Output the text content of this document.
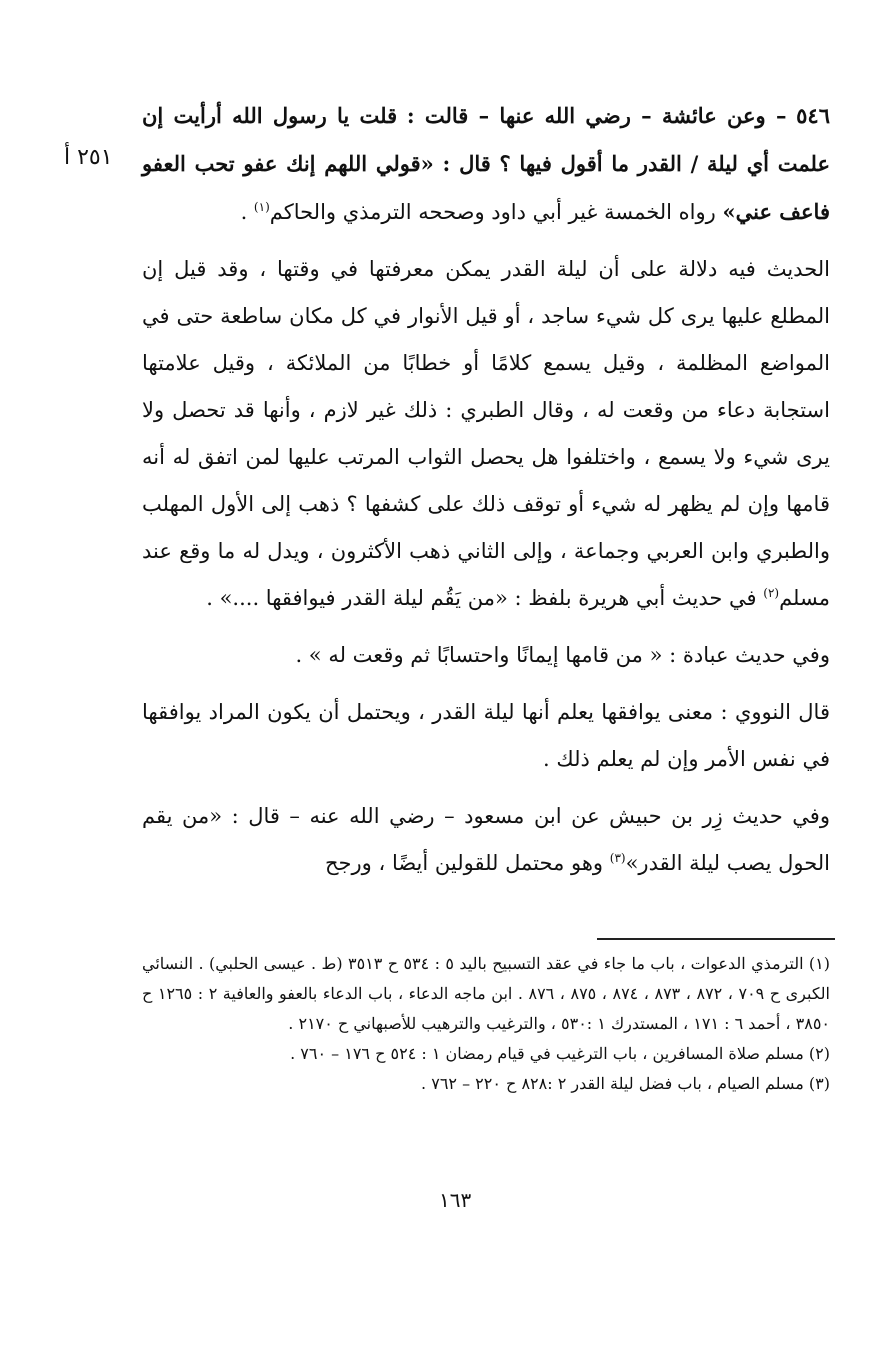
٢٥١ أ

٥٤٦ – وعن عائشة – رضي الله عنها – قالت : قلت يا رسول الله أرأيت إن علمت أي ليلة / القدر ما أقول فيها ؟ قال : «قولي اللهم إنك عفو تحب العفو فاعف عني» رواه الخمسة غير أبي داود وصححه الترمذي والحاكم$^{(١)}$ .

الحديث فيه دلالة على أن ليلة القدر يمكن معرفتها في وقتها ، وقد قيل إن المطلع عليها يرى كل شيء ساجد ، أو قيل الأنوار في كل مكان ساطعة حتى في المواضع المظلمة ، وقيل يسمع كلامًا أو خطابًا من الملائكة ، وقيل علامتها استجابة دعاء من وقعت له ، وقال الطبري : ذلك غير لازم ، وأنها قد تحصل ولا يرى شيء ولا يسمع ، واختلفوا هل يحصل الثواب المرتب عليها لمن اتفق له أنه قامها وإن لم يظهر له شيء أو توقف ذلك على كشفها ؟ ذهب إلى الأول المهلب والطبري وابن العربي وجماعة ، وإلى الثاني ذهب الأكثرون ، ويدل له ما وقع عند مسلم$^{(٢)}$ في حديث أبي هريرة بلفظ : «من يَقُم ليلة القدر فيوافقها ....» .

وفي حديث عبادة : « من قامها إيمانًا واحتسابًا ثم وقعت له » .

قال النووي : معنى يوافقها يعلم أنها ليلة القدر ، ويحتمل أن يكون المراد يوافقها في نفس الأمر وإن لم يعلم ذلك .

وفي حديث زِر بن حبيش عن ابن مسعود – رضي الله عنه – قال : «من يقم الحول يصب ليلة القدر»$^{(٣)}$ وهو محتمل للقولين أيضًا ، ورجح

(١) الترمذي الدعوات ، باب ما جاء في عقد التسبيح باليد ٥ : ٥٣٤ ح ٣٥١٣ (ط . عيسى الحلبي) . النسائي الكبرى ح ٧٠٩ ، ٨٧٢ ، ٨٧٣ ، ٨٧٤ ، ٨٧٥ ، ٨٧٦ . ابن ماجه الدعاء ، باب الدعاء بالعفو والعافية ٢ : ١٢٦٥ ح ٣٨٥٠ ، أحمد ٦ : ١٧١ ، المستدرك ١ :٥٣٠ ، والترغيب والترهيب للأصبهاني ح ٢١٧٠ .

(٢) مسلم صلاة المسافرين ، باب الترغيب في قيام رمضان ١ : ٥٢٤ ح ١٧٦ – ٧٦٠ .

(٣) مسلم الصيام ، باب فضل ليلة القدر ٢ :٨٢٨ ح ٢٢٠ – ٧٦٢ .

١٦٣
